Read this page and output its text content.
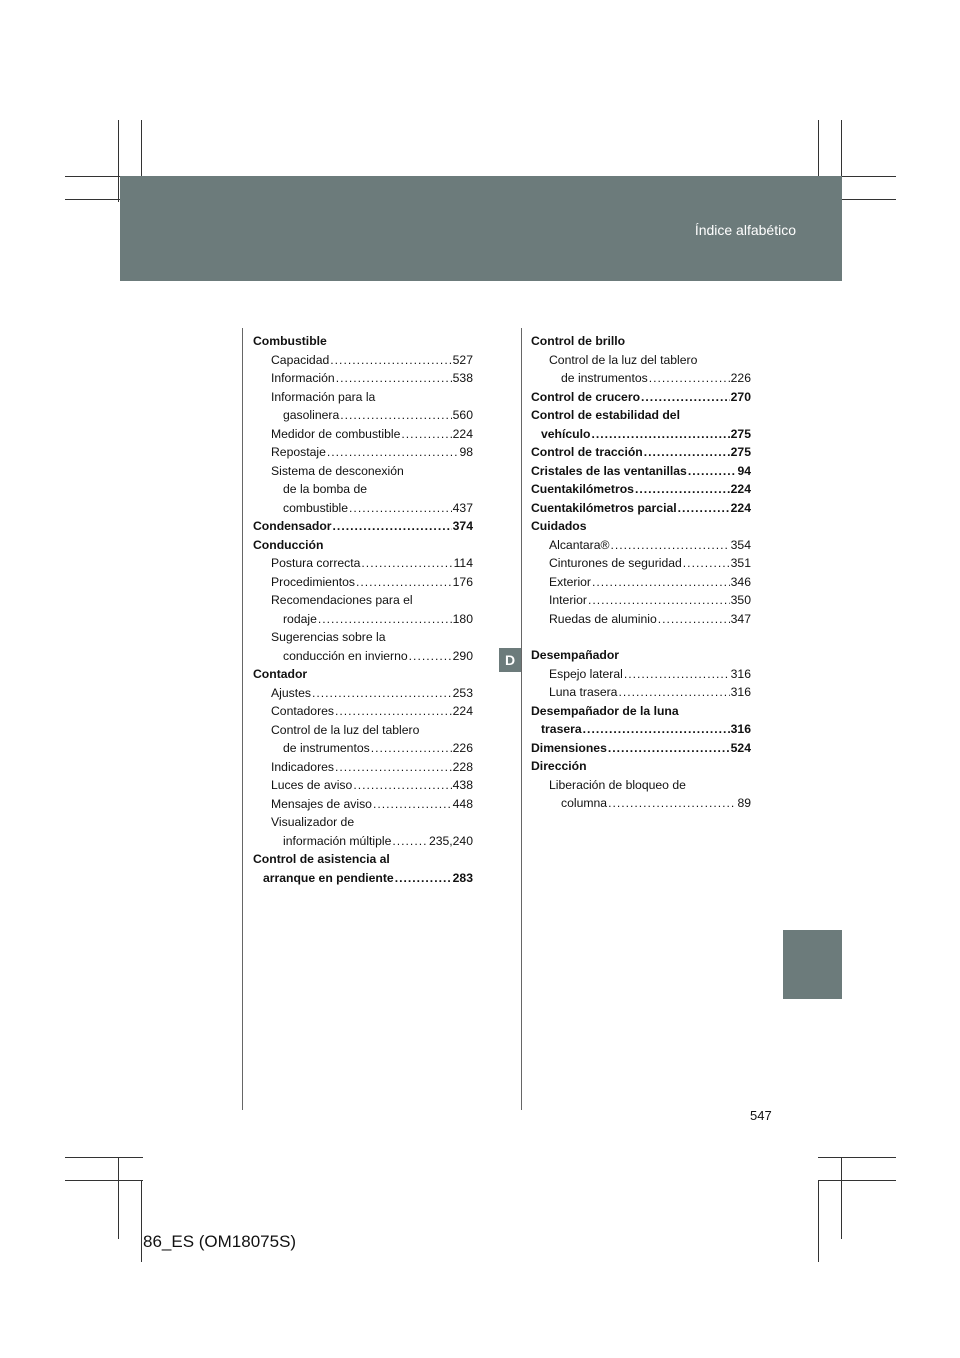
Índice alfabético
Combustible
Capacidad .....	527
Información .....	538
Información para la
gasolinera .....	560
Medidor de combustible .....	224
Repostaje .....	98
Sistema de desconexión
de la bomba de
combustible .....	437
Condensador .....	374
Conducción
Postura correcta .....	114
Procedimientos .....	176
Recomendaciones para el
rodaje .....	180
Sugerencias sobre la
conducción en invierno .....	290
Contador
Ajustes .....	253
Contadores .....	224
Control de la luz del tablero
de instrumentos .....	226
Indicadores .....	228
Luces de aviso .....	438
Mensajes de aviso .....	448
Visualizador de
información múltiple .....	235,240
Control de asistencia al
arranque en pendiente .....	283
Control de brillo
Control de la luz del tablero
de instrumentos .....	226
Control de crucero .....	270
Control de estabilidad del
vehículo .....	275
Control de tracción .....	275
Cristales de las ventanillas .....	94
Cuentakilómetros .....	224
Cuentakilómetros parcial .....	224
Cuidados
Alcantara® .....	354
Cinturones de seguridad .....	351
Exterior .....	346
Interior .....	350
Ruedas de aluminio .....	347
Desempañador
Espejo lateral .....	316
Luna trasera .....	316
Desempañador de la luna
trasera .....	316
Dimensiones .....	524
Dirección
Liberación de bloqueo de
columna .....	89
D
547
86_ES (OM18075S)
